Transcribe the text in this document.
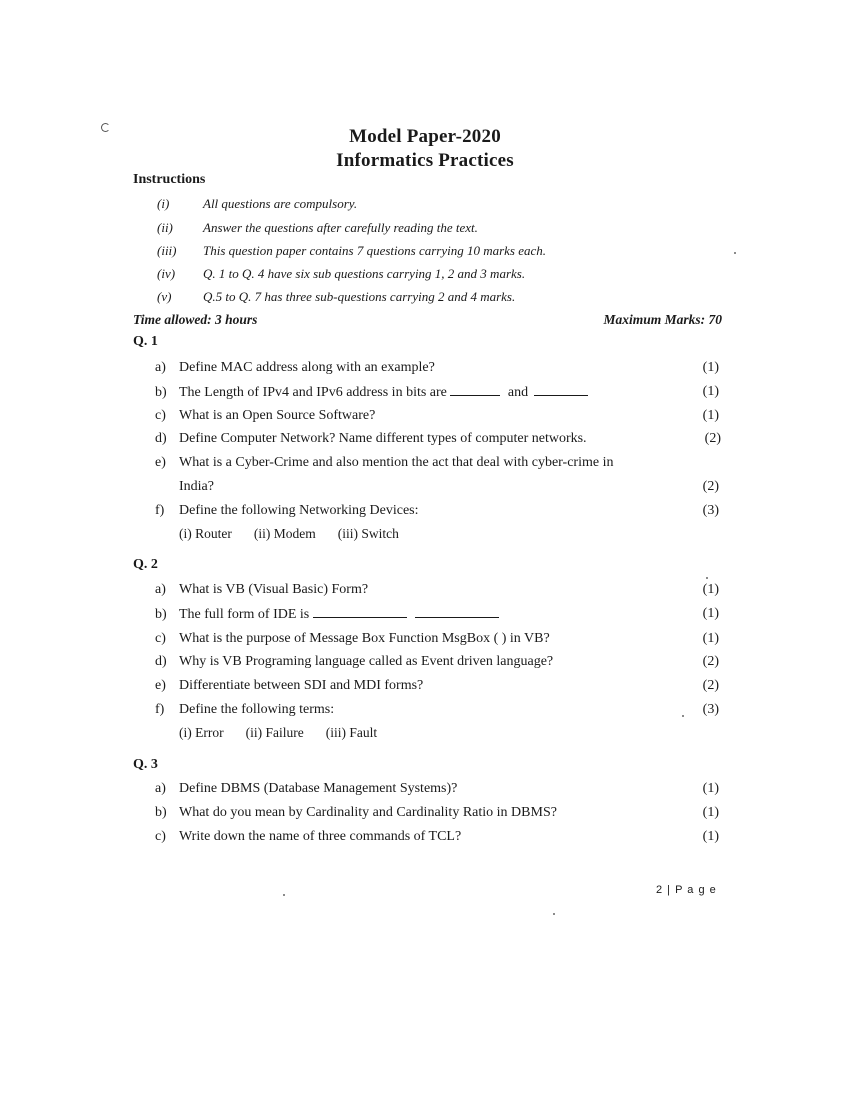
Model Paper-2020
Informatics Practices
Instructions
(i)	All questions are compulsory.
(ii) Answer the questions after carefully reading the text.
(iii) This question paper contains 7 questions carrying 10 marks each.
(iv) Q. 1 to Q. 4 have six sub questions carrying 1, 2 and 3 marks.
(v) Q.5 to Q. 7 has three sub-questions carrying 2 and 4 marks.
Time allowed: 3 hours	Maximum Marks: 70
Q. 1
a) Define MAC address along with an example?	(1)
b) The Length of IPv4 and IPv6 address in bits are	and	(1)
c) What is an Open Source Software?	(1)
d) Define Computer Network? Name different types of computer networks.	(2)
e) What is a Cyber-Crime and also mention the act that deal with cyber-crime in
India?	(2)
f) Define the following Networking Devices:	(3)
(i) Router (ii) Modem (iii) Switch
Q. 2
a) What is VB (Visual Basic) Form?	(1)
b) The full form of IDE is	(1)
c) What is the purpose of Message Box Function MsgBox ( ) in VB?	(1)
d) Why is VB Programing language called as Event driven language?	(2)
e) Differentiate between SDI and MDI forms?	(2)
f) Define the following terms:	(3)
(i) Error (ii) Failure (iii) Fault
Q. 3
a) Define DBMS (Database Management Systems)?	(1)
b) What do you mean by Cardinality and Cardinality Ratio in DBMS?	(1)
c) Write down the name of three commands of TCL?	(1)
2 | P a g e
